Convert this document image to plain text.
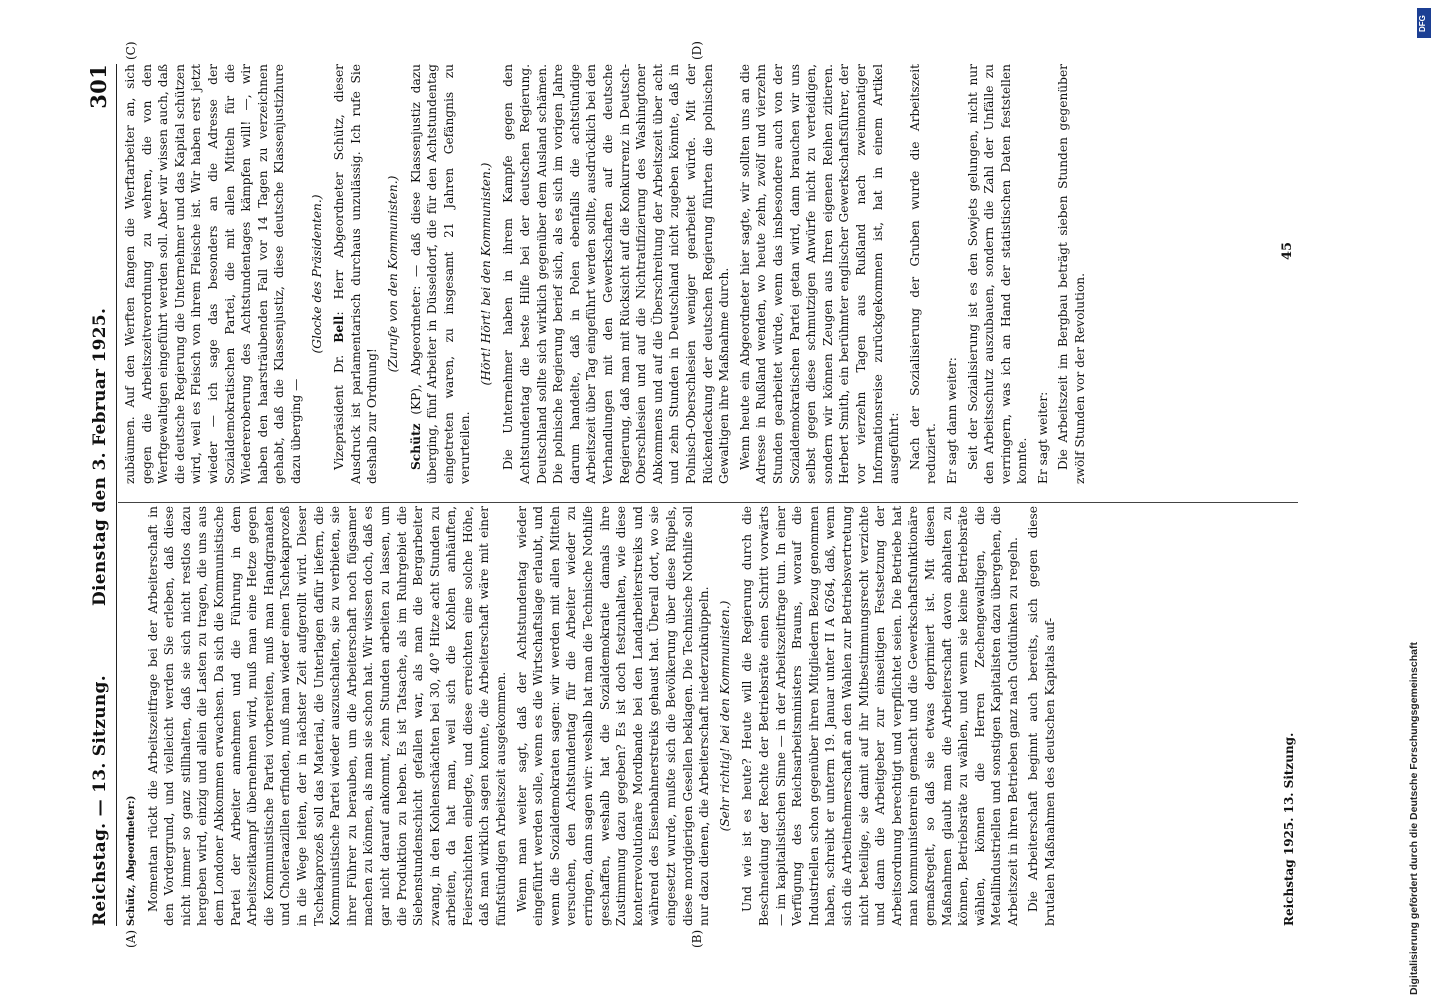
Reichstag. — 13. Sitzung.
Dienstag den 3. Februar 1925.
301
(A)	(B)
(C)	(D)

Schütz, Abgeordneter:) Momentan rückt die Arbeitszeitfrage bei der Arbeiterschaft in den Vordergrund, und vielleicht werden Sie erleben, daß diese nicht immer so ganz stillhalten, daß sie sich nicht restlos dazu hergeben wird, einzig und allein die Lasten zu tragen, die uns aus dem Londoner Abkommen erwachsen. Da sich die Kommunistische Partei der Arbeiter annehmen und die Führung in dem Arbeitszeitkampf übernehmen wird, muß man eine Hetze gegen die Kommunistische Partei vorbereiten, muß man Handgranaten und Choleraazillen erfinden, muß man wieder einen Tschekaprozeß in die Wege leiten, der in nächster Zeit aufgerollt wird. Dieser Tschekaprozeß soll das Material, die Unterlagen dafür liefern, die Kommunistische Partei wieder auszuschalten, sie zu verbieten, sie ihrer Führer zu berauben, um die Arbeiterschaft noch fügsamer machen zu können, als man sie schon hat. Wir wissen doch, daß es gar nicht darauf ankommt, zehn Stunden arbeiten zu lassen, um die Produktion zu heben. Es ist Tatsache, als im Ruhrgebiet die Siebenstundenschicht gefallen war, als man die Bergarbeiter zwang, in den Kohlenschächten bei 30, 40° Hitze acht Stunden zu arbeiten, da hat man, weil sich die Kohlen anhäuften, Feierschichten einlegte, und diese erreichten eine solche Höhe, daß man wirklich sagen konnte, die Arbeiterschaft wäre mit einer fünfstündigen Arbeitszeit ausgekommen. Wenn man weiter sagt, daß der Achtstundentag wieder eingeführt werden solle, wenn es die Wirtschaftslage erlaubt, und wenn die Sozialdemokraten sagen: wir werden mit allen Mitteln versuchen, den Achtstundentag für die Arbeiter wieder zu erringen, dann sagen wir: weshalb hat man die Technische Nothilfe geschaffen, weshalb hat die Sozialdemokratie damals ihre Zustimmung dazu gegeben? Es ist doch festzuhalten, wie diese konterrevolutionäre Mordbande bei den Landarbeiterstreiks und während des Eisenbahnerstreiks gehaust hat. Überall dort, wo sie eingesetzt wurde, mußte sich die Bevölkerung über diese Rüpels, diese mordgierigen Gesellen beklagen. Die Technische Nothilfe soll nur dazu dienen, die Arbeiterschaft niederzuknüppeln. (Sehr richtig! bei den Kommunisten.) Und wie ist es heute? Heute will die Regierung durch die Beschneidung der Rechte der Betriebsräte einen Schritt vorwärts — im kapitalistischen Sinne — in der Arbeitszeitfrage tun. In einer Verfügung des Reichsarbeitsministers Brauns, worauf die Industriellen schon gegenüber ihren Mitgliedern Bezug genommen haben, schreibt er unterm 19. Januar unter II A 6264, daß, wenn sich die Arbeitnehmerschaft an den Wahlen zur Betriebsvertretung nicht beteilige, sie damit auf ihr Mitbestimmungsrecht verzichte und dann die Arbeitgeber zur einseitigen Festsetzung der Arbeitsordnung berechtigt und verpflichtet seien. Die Betriebe hat man kommunistenrein gemacht und die Gewerkschaftsfunktionäre gemaßregelt, so daß sie etwas deprimiert ist. Mit diesen Maßnahmen glaubt man die Arbeiterschaft davon abhalten zu können, Betriebsräte zu wählen, und wenn sie keine Betriebsräte wählen, können die Herren Zechengewaltigen, die Metallindustriellen und sonstigen Kapitalisten dazu übergehen, die Arbeitszeit in ihren Betrieben ganz nach Gutdünken zu regeln. Die Arbeiterschaft beginnt auch bereits, sich gegen diese brutalen Maßnahmen des deutschen Kapitals auf-

zubäumen. Auf den Werften fangen die Werftarbeiter an, sich gegen die Arbeitszeitverordnung zu wehren, die von den Werftgewaltigen eingeführt werden soll. Aber wir wissen auch, daß die deutsche Regierung die Unternehmer und das Kapital schützen wird, weil es Fleisch von ihrem Fleische ist. Wir haben erst jetzt wieder — ich sage das besonders an die Adresse der Sozialdemokratischen Partei, die mit allen Mitteln für die Wiedereroberung des Achtstundentages kämpfen will! —, wir haben den haarsträubenden Fall vor 14 Tagen zu verzeichnen gehabt, daß die Klassenjustiz, diese deutsche Klassenjustizhure dazu überging —

(Glocke des Präsidenten.)

Vizepräsident Dr. Bell: Herr Abgeordneter Schütz, dieser Ausdruck ist parlamentarisch durchaus unzulässig. Ich rufe Sie deshalb zur Ordnung!

(Zurufe von den Kommunisten.)

Schütz (KP), Abgeordneter: — daß diese Klassenjustiz dazu überging, fünf Arbeiter in Düsseldorf, die für den Achtstundentag eingetreten waren, zu insgesamt 21 Jahren Gefängnis zu verurteilen.

(Hört! Hört! bei den Kommunisten.) Die Unternehmer haben in ihrem Kampfe gegen den Achtstundentag die beste Hilfe bei der deutschen Regierung. Deutschland sollte sich wirklich gegenüber dem Ausland schämen. Die polnische Regierung berief sich, als es sich im vorigen Jahre darum handelte, daß in Polen ebenfalls die achtstündige Arbeitszeit über Tag eingeführt werden sollte, ausdrücklich bei den Verhandlungen mit den Gewerkschaften auf die deutsche Regierung, daß man mit Rücksicht auf die Konkurrenz in Deutsch-Oberschlesien und auf die Nichtratifizierung des Washingtoner Abkommens und auf die Überschreitung der Arbeitszeit über acht und zehn Stunden in Deutschland nicht zugeben könnte, daß in Polnisch-Oberschlesien weniger gearbeitet würde. Mit der Rückendeckung der deutschen Regierung führten die polnischen Gewaltigen ihre Maßnahme durch. Wenn heute ein Abgeordneter hier sagte, wir sollten uns an die Adresse in Rußland wenden, wo heute zehn, zwölf und vierzehn Stunden gearbeitet würde, wenn das insbesondere auch von der Sozialdemokratischen Partei getan wird, dann brauchen wir uns selbst gegen diese schmutzigen Anwürfe nicht zu verteidigen, sondern wir können Zeugen aus Ihren eigenen Reihen zitieren. Herbert Smith, ein berühmter englischer Gewerkschaftsführer, der vor vierzehn Tagen aus Rußland nach zweimonatiger Informationsreise zurückgekommen ist, hat in einem Artikel ausgeführt: Nach der Sozialisierung der Gruben wurde die Arbeitszeit reduziert. Er sagt dann weiter: Seit der Sozialisierung ist es den Sowjets gelungen, nicht nur den Arbeitsschutz auszubauen, sondern die Zahl der Unfälle zu verringern, was ich an Hand der statistischen Daten feststellen konnte. Er sagt weiter: Die Arbeitszeit im Bergbau beträgt sieben Stunden gegenüber zwölf Stunden vor der Revolution.

Reichstag 1925. 13. Sitzung.
45
Digitalisierung gefördert durch die Deutsche Forschungsgemeinschaft
DFG
